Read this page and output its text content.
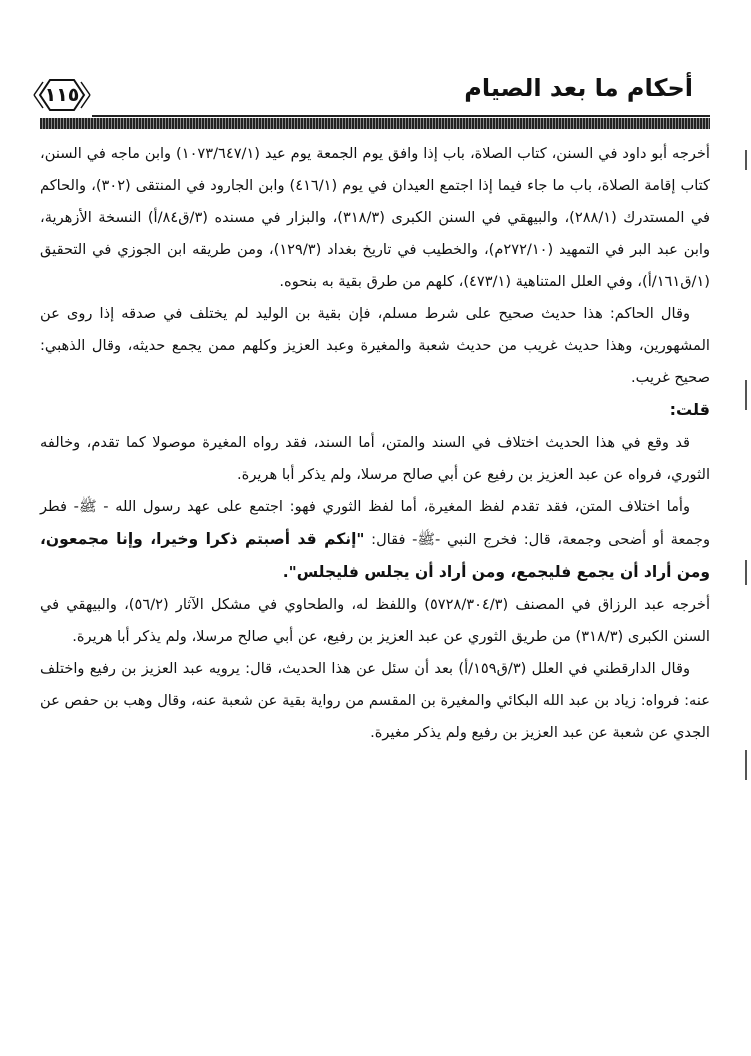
أحكام ما بعد الصيام
١١٥

أخرجه أبو داود في السنن، كتاب الصلاة، باب إذا وافق يوم الجمعة يوم عيد (١٠٧٣/٦٤٧/١) وابن ماجه في السنن، كتاب إقامة الصلاة، باب ما جاء فيما إذا اجتمع العيدان في يوم (٤١٦/١) وابن الجارود في المنتقى (٣٠٢)، والحاكم في المستدرك (٢٨٨/١)، والبيهقي في السنن الكبرى (٣١٨/٣)، والبزار في مسنده (٣/ق٨٤/أ) النسخة الأزهرية، وابن عبد البر في التمهيد (٢٧٢/١٠م)، والخطيب في تاريخ بغداد (١٢٩/٣)، ومن طريقه ابن الجوزي في التحقيق (١/ق١٦١/أ)، وفي العلل المتناهية (٤٧٣/١)، كلهم من طرق بقية به بنحوه.

وقال الحاكم: هذا حديث صحيح على شرط مسلم، فإن بقية بن الوليد لم يختلف في صدقه إذا روى عن المشهورين، وهذا حديث غريب من حديث شعبة والمغيرة وعبد العزيز وكلهم ممن يجمع حديثه، وقال الذهبي: صحيح غريب.

قلت:

قد وقع في هذا الحديث اختلاف في السند والمتن، أما السند، فقد رواه المغيرة موصولا كما تقدم، وخالفه الثوري، فرواه عن عبد العزيز بن رفيع عن أبي صالح مرسلا، ولم يذكر أبا هريرة.

وأما اختلاف المتن، فقد تقدم لفظ المغيرة، أما لفظ الثوري فهو: اجتمع على عهد رسول الله - ﷺ- فطر وجمعة أو أضحى وجمعة، قال: فخرج النبي -ﷺ- فقال: "إنكم قد أصبتم ذكرا وخيرا، وإنا مجمعون، ومن أراد أن يجمع فليجمع، ومن أراد أن يجلس فليجلس".

أخرجه عبد الرزاق في المصنف (٥٧٢٨/٣٠٤/٣) واللفظ له، والطحاوي في مشكل الآثار (٥٦/٢)، والبيهقي في السنن الكبرى (٣١٨/٣) من طريق الثوري عن عبد العزيز بن رفيع، عن أبي صالح مرسلا، ولم يذكر أبا هريرة.

وقال الدارقطني في العلل (٣/ق١٥٩/أ) بعد أن سئل عن هذا الحديث، قال: يرويه عبد العزيز بن رفيع واختلف عنه: فرواه: زياد بن عبد الله البكائي والمغيرة بن المقسم من رواية بقية عن شعبة عنه، وقال وهب بن حفص عن الجدي عن شعبة عن عبد العزيز بن رفيع ولم يذكر مغيرة.
